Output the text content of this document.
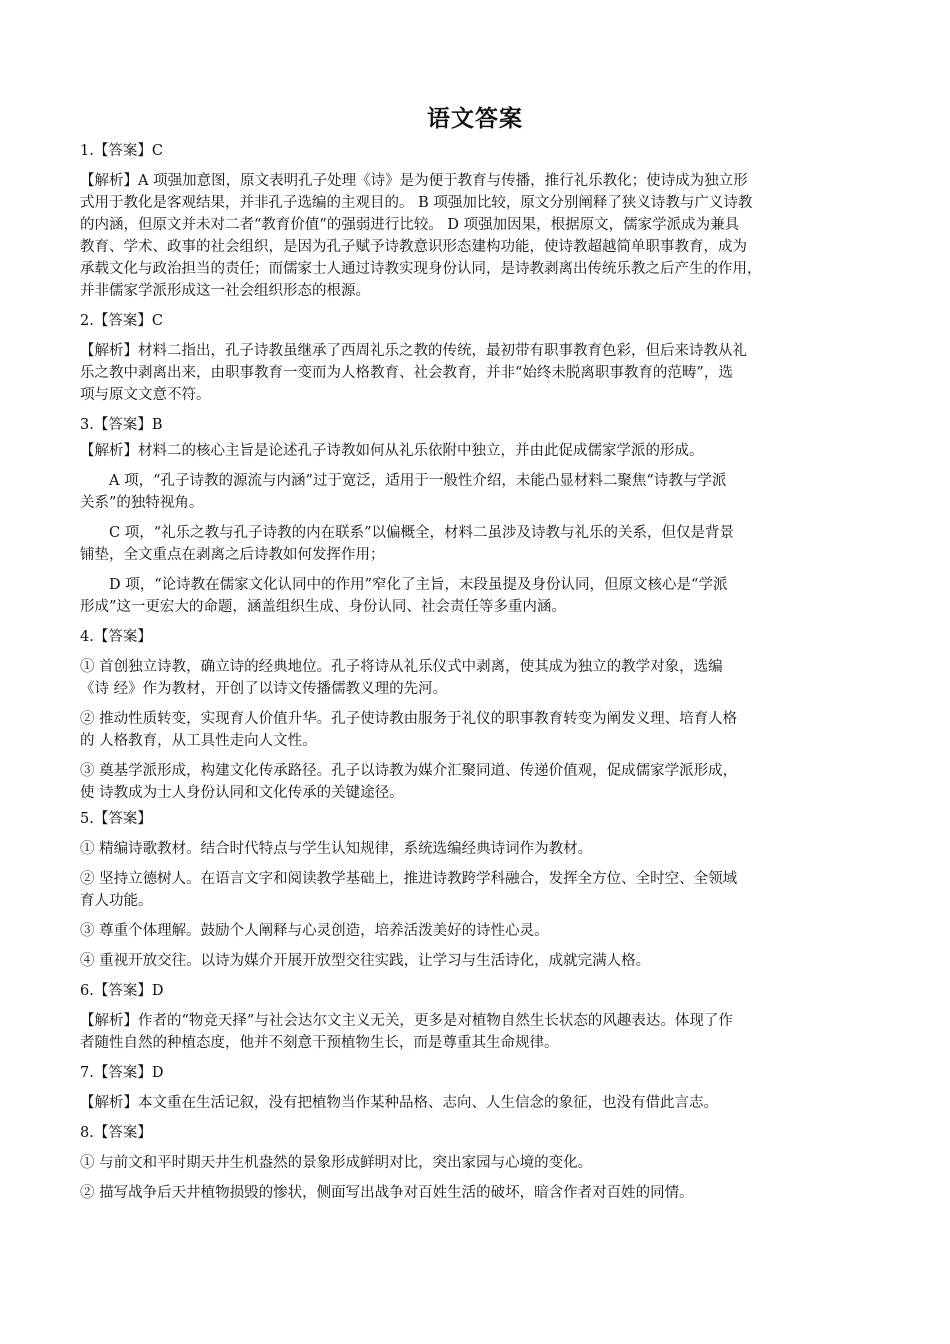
语文答案
1.【答案】C
【解析】A 项强加意图，原文表明孔子处理《诗》是为便于教育与传播，推行礼乐教化；使诗成为独立形
式用于教化是客观结果，并非孔子选编的主观目的。 B 项强加比较，原文分别阐释了狭义诗教与广义诗教
的内涵，但原文并未对二者“教育价值”的强弱进行比较。 D 项强加因果，根据原文，儒家学派成为兼具
教育、学术、政事的社会组织，是因为孔子赋予诗教意识形态建构功能，使诗教超越简单职事教育，成为
承载文化与政治担当的责任；而儒家士人通过诗教实现身份认同，是诗教剥离出传统乐教之后产生的作用，
并非儒家学派形成这一社会组织形态的根源。
2.【答案】C
【解析】材料二指出，孔子诗教虽继承了西周礼乐之教的传统，最初带有职事教育色彩，但后来诗教从礼
乐之教中剥离出来，由职事教育一变而为人格教育、社会教育，并非“始终未脱离职事教育的范畴”，选
项与原文文意不符。
3.【答案】B
【解析】材料二的核心主旨是论述孔子诗教如何从礼乐依附中独立，并由此促成儒家学派的形成。
　　A 项，“孔子诗教的源流与内涵”过于宽泛，适用于一般性介绍，未能凸显材料二聚焦“诗教与学派
关系”的独特视角。
　　C 项，“礼乐之教与孔子诗教的内在联系”以偏概全，材料二虽涉及诗教与礼乐的关系，但仅是背景
铺垫，全文重点在剥离之后诗教如何发挥作用；
　　D 项，“论诗教在儒家文化认同中的作用”窄化了主旨，末段虽提及身份认同，但原文核心是“学派
形成”这一更宏大的命题，涵盖组织生成、身份认同、社会责任等多重内涵。
4.【答案】
① 首创独立诗教，确立诗的经典地位。孔子将诗从礼乐仪式中剥离，使其成为独立的教学对象，选编
《诗 经》作为教材，开创了以诗文传播儒教义理的先河。
② 推动性质转变，实现育人价值升华。孔子使诗教由服务于礼仪的职事教育转变为阐发义理、培育人格
的 人格教育，从工具性走向人文性。
③ 奠基学派形成，构建文化传承路径。孔子以诗教为媒介汇聚同道、传递价值观，促成儒家学派形成，
使 诗教成为士人身份认同和文化传承的关键途径。
5.【答案】
① 精编诗歌教材。结合时代特点与学生认知规律，系统选编经典诗词作为教材。
② 坚持立德树人。在语言文字和阅读教学基础上，推进诗教跨学科融合，发挥全方位、全时空、全领域
育人功能。
③ 尊重个体理解。鼓励个人阐释与心灵创造，培养活泼美好的诗性心灵。
④ 重视开放交往。以诗为媒介开展开放型交往实践，让学习与生活诗化，成就完满人格。
6.【答案】D
【解析】作者的“物竞天择”与社会达尔文主义无关，更多是对植物自然生长状态的风趣表达。体现了作
者随性自然的种植态度，他并不刻意干预植物生长，而是尊重其生命规律。
7.【答案】D
【解析】本文重在生活记叙，没有把植物当作某种品格、志向、人生信念的象征，也没有借此言志。
8.【答案】
① 与前文和平时期天井生机盎然的景象形成鲜明对比，突出家园与心境的变化。
② 描写战争后天井植物损毁的惨状，侧面写出战争对百姓生活的破坏，暗含作者对百姓的同情。
